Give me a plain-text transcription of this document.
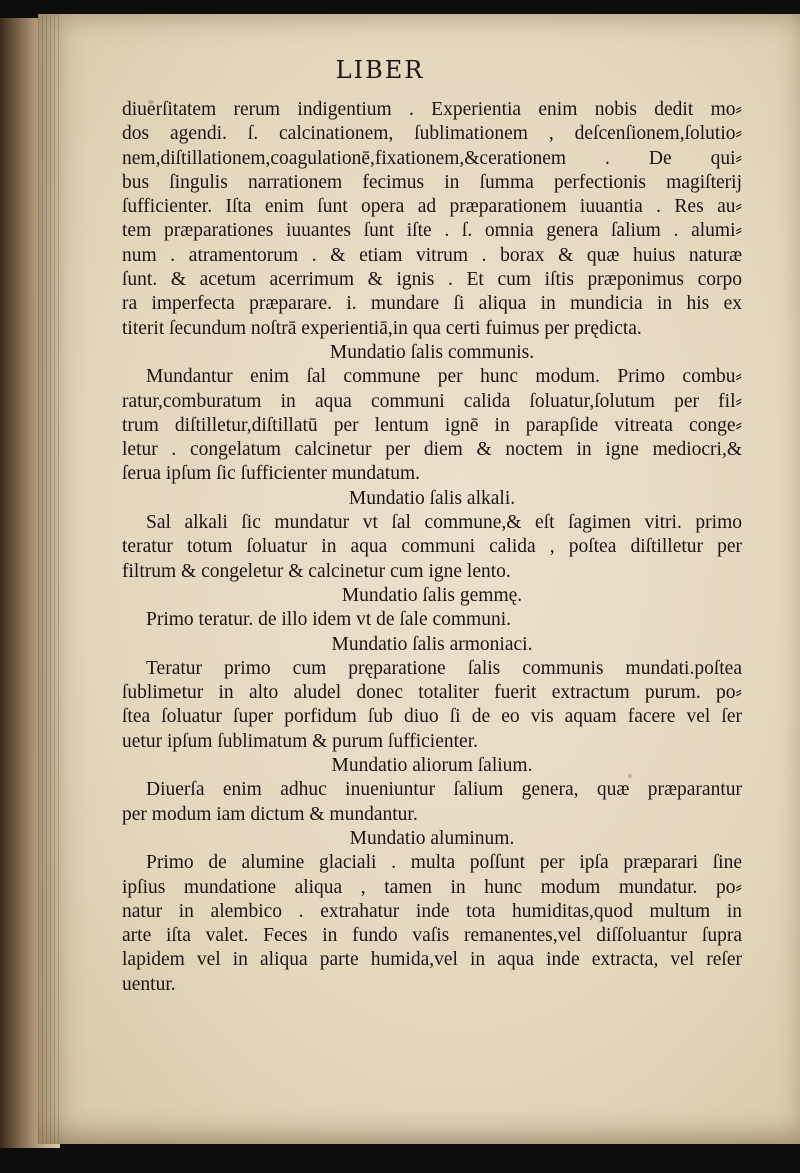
LIBER
diuerſitatem rerum indigentium . Experientia enim nobis dedit mo⸗
dos agendi. ſ. calcinationem, ſublimationem , deſcenſionem,ſolutio⸗
nem,diſtillationem,coagulationē,fixationem,&cerationem . De qui⸗
bus ſingulis narrationem fecimus in ſumma perfectionis magiſterij
ſufficienter. Iſta enim ſunt opera ad præparationem iuuantia . Res au⸗
tem præparationes iuuantes ſunt iſte . ſ. omnia genera ſalium . alumi⸗
num . atramentorum . & etiam vitrum . borax & quæ huius naturæ
ſunt. & acetum acerrimum & ignis . Et cum iſtis præponimus corpo
ra imperfecta præparare. i. mundare ſi aliqua in mundicia in his ex
titerit ſecundum noſtrā experientiā,in qua certi fuimus per prędicta.
Mundatio ſalis communis.
Mundantur enim ſal commune per hunc modum. Primo combu⸗
ratur,comburatum in aqua communi calida ſoluatur,ſolutum per fil⸗
trum diſtilletur,diſtillatū per lentum ignē in parapſide vitreata conge⸗
letur . congelatum calcinetur per diem & noctem in igne mediocri,&
ſerua ipſum ſic ſufficienter mundatum.
Mundatio ſalis alkali.
Sal alkali ſic mundatur vt ſal commune,& eſt ſagimen vitri. primo
teratur totum ſoluatur in aqua communi calida , poſtea diſtilletur per
filtrum & congeletur & calcinetur cum igne lento.
Mundatio ſalis gemmę.
Primo teratur. de illo idem vt de ſale communi.
Mundatio ſalis armoniaci.
Teratur primo cum pręparatione ſalis communis mundati.poſtea
ſublimetur in alto aludel donec totaliter fuerit extractum purum. po⸗
ſtea ſoluatur ſuper porfidum ſub diuo ſi de eo vis aquam facere vel ſer
uetur ipſum ſublimatum & purum ſufficienter.
Mundatio aliorum ſalium.
Diuerſa enim adhuc inueniuntur ſalium genera, quæ præparantur
per modum iam dictum & mundantur.
Mundatio aluminum.
Primo de alumine glaciali . multa poſſunt per ipſa præparari ſine
ipſius mundatione aliqua , tamen in hunc modum mundatur. po⸗
natur in alembico . extrahatur inde tota humiditas,quod multum in
arte iſta valet. Feces in fundo vaſis remanentes,vel diſſoluantur ſupra
lapidem vel in aliqua parte humida,vel in aqua inde extracta, vel reſer
uentur.
